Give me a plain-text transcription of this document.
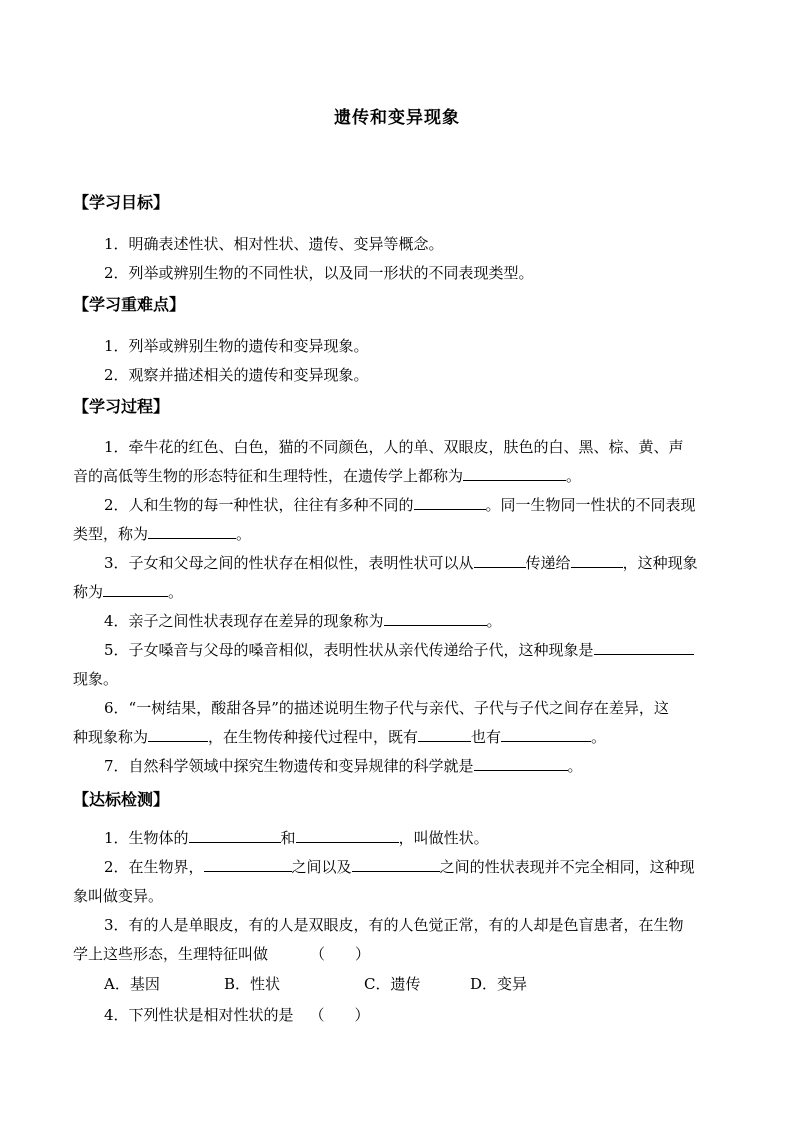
遗传和变异现象
【学习目标】
1．明确表述性状、相对性状、遗传、变异等概念。
2．列举或辨别生物的不同性状，以及同一形状的不同表现类型。
【学习重难点】
1．列举或辨别生物的遗传和变异现象。
2．观察并描述相关的遗传和变异现象。
【学习过程】
1．牵牛花的红色、白色，猫的不同颜色，人的单、双眼皮，肤色的白、黑、棕、黄、声
音的高低等生物的形态特征和生理特性，在遗传学上都称为	。
2．人和生物的每一种性状，往往有多种不同的	。同一生物同一性状的不同表现
类型，称为	。
3．子女和父母之间的性状存在相似性，表明性状可以从	传递给	，这种现象
称为	。
4．亲子之间性状表现存在差异的现象称为	。
5．子女嗓音与父母的嗓音相似，表明性状从亲代传递给子代，这种现象是
现象。
6．“一树结果，酸甜各异”的描述说明生物子代与亲代、子代与子代之间存在差异，这
种现象称为	，在生物传种接代过程中，既有	也有	。
7．自然科学领域中探究生物遗传和变异规律的科学就是	。
【达标检测】
1．生物体的	和	，叫做性状。
2．在生物界，	之间以及	之间的性状表现并不完全相同，这种现
象叫做变异。
3．有的人是单眼皮，有的人是双眼皮，有的人色觉正常，有的人却是色盲患者，在生物
学上这些形态，生理特征叫做	（　　）
A．基因	B．性状	C．遗传	D．变异
4．下列性状是相对性状的是 （　　）
